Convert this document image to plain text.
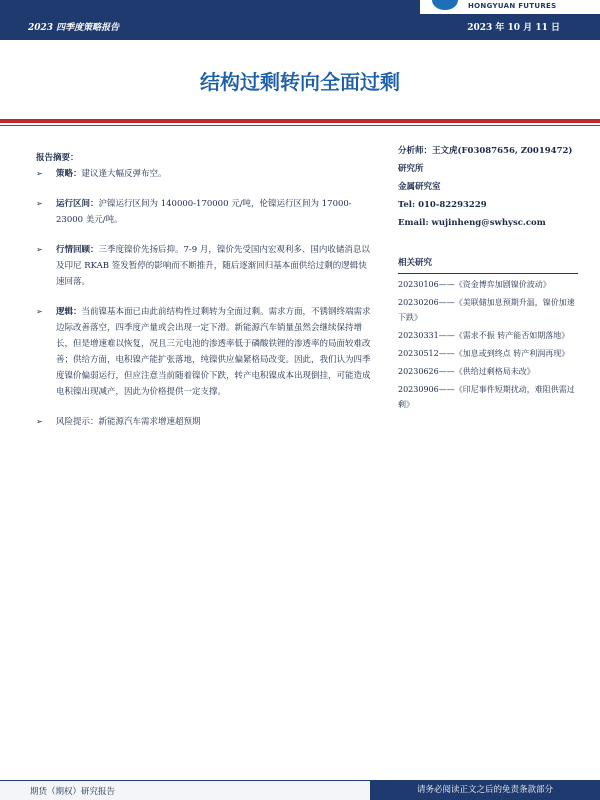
2023 四季度策略报告	2023 年 10 月 11 日
HONGYUAN FUTURES
结构过剩转向全面过剩
报告摘要：
➢ 策略：建议逢大幅反弹布空。
➢ 运行区间：沪镍运行区间为 140000-170000 元/吨，伦镍运行区间为 17000-23000 美元/吨。
➢ 行情回顾：三季度镍价先扬后抑。7-9 月，镍价先受国内宏观利多、国内收储消息以及印尼 RKAB 签发暂停的影响而不断推升，随后逐渐回归基本面供给过剩的逻辑快速回落。
➢ 逻辑：当前镍基本面已由此前结构性过剩转为全面过剩。需求方面，不锈钢终端需求边际改善落空，四季度产量或会出现一定下滑。新能源汽车销量虽然会继续保持增长，但是增速难以恢复，况且三元电池的渗透率低于磷酸铁锂的渗透率的局面较难改善；供给方面，电积镍产能扩张落地，纯镍供应偏紧格局改变。因此，我们认为四季度镍价偏弱运行，但应注意当前随着镍价下跌，转产电积镍成本出现倒挂，可能造成电积镍出现减产，因此为价格提供一定支撑。
➢ 风险提示：新能源汽车需求增速超预期
分析师：王文虎(F03087656, Z0019472)
研究所
金属研究室
Tel: 010-82293229
Email: wujinheng@swhysc.com
相关研究
20230106——《资金博弈加剧镍价波动》
20230206——《美联储加息预期升温，镍价加速下跌》
20230331——《需求不振 转产能否如期落地》
20230512——《加息或到终点 转产利润再现》
20230626——《供给过剩格局未改》
20230906——《印尼事件短期扰动，难阻供需过剩》
期货（期权）研究报告	请务必阅读正文之后的免责条款部分
